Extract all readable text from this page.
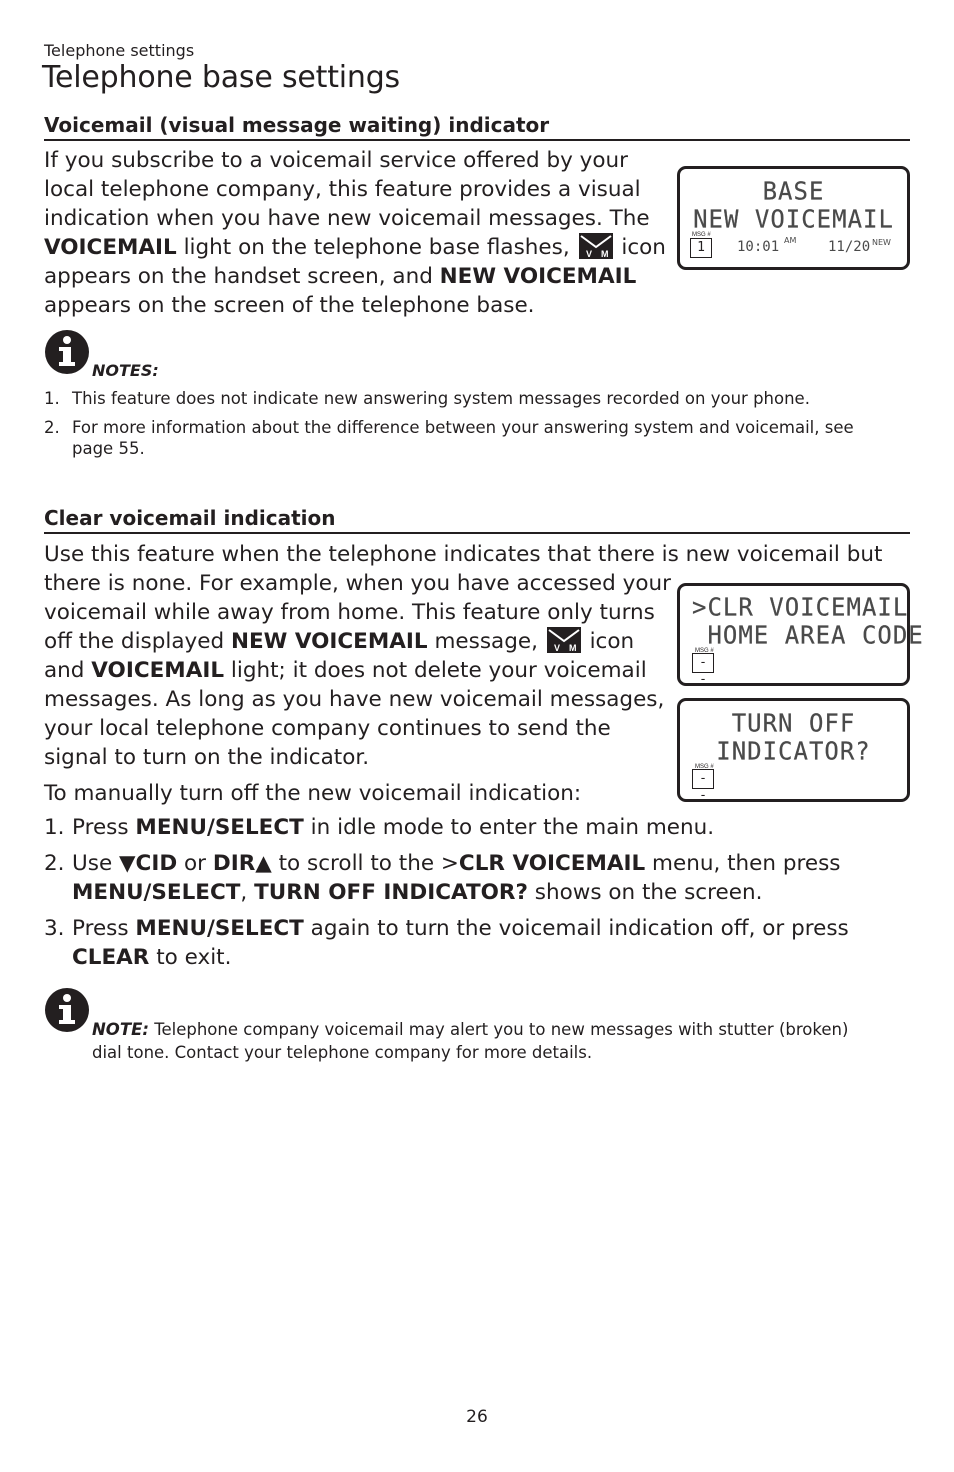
Telephone settings
Telephone base settings
Voicemail (visual message waiting) indicator
If you subscribe to a voicemail service offered by your
local telephone company, this feature provides a visual
indication when you have new voicemail messages. The
VOICEMAIL light on the telephone base flashes, V M icon
appears on the handset screen, and NEW VOICEMAIL
appears on the screen of the telephone base.
BASE
NEW VOICEMAIL
MSG #
1	10:01 AM 11/20 NEW
NOTES:
1. This feature does not indicate new answering system messages recorded on your phone.
2. For more information about the difference between your answering system and voicemail, see
page 55.
Clear voicemail indication
Use this feature when the telephone indicates that there is new voicemail but
there is none. For example, when you have accessed your
voicemail while away from home. This feature only turns
off the displayed NEW VOICEMAIL message, V M icon
and VOICEMAIL light; it does not delete your voicemail
messages. As long as you have new voicemail messages,
your local telephone company continues to send the
signal to turn on the indicator.
To manually turn off the new voicemail indication:
>CLR VOICEMAIL
HOME AREA CODE
MSG #
- -
TURN OFF
INDICATOR?
MSG #
- -
1. Press MENU/SELECT in idle mode to enter the main menu.
2. Use ▼CID or DIR▲ to scroll to the >CLR VOICEMAIL menu, then press
MENU/SELECT, TURN OFF INDICATOR? shows on the screen.
3. Press MENU/SELECT again to turn the voicemail indication off, or press
CLEAR to exit.
NOTE: Telephone company voicemail may alert you to new messages with stutter (broken)
dial tone. Contact your telephone company for more details.
26
